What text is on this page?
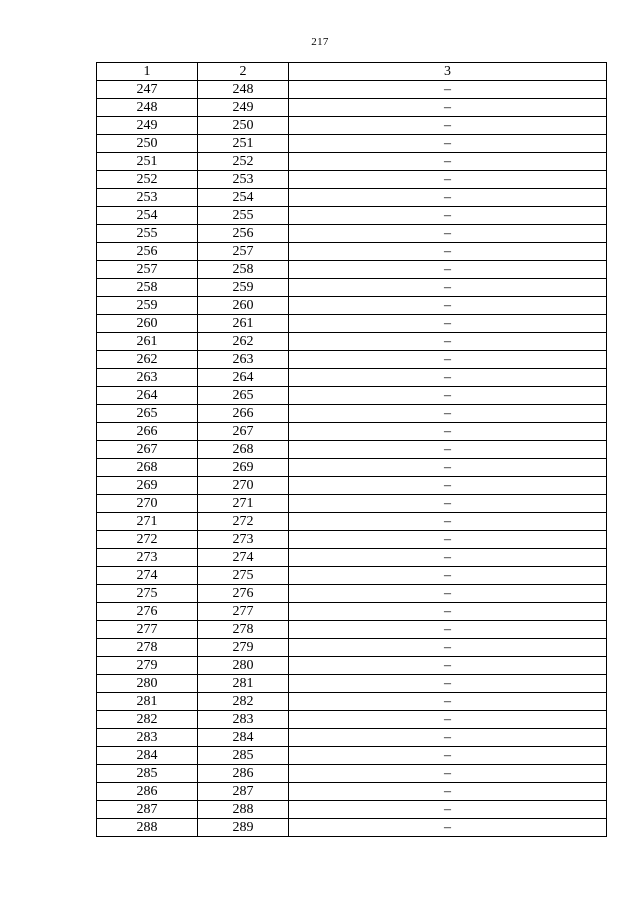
217
1	2	3
247	248	–
248	249	–
249	250	–
250	251	–
251	252	–
252	253	–
253	254	–
254	255	–
255	256	–
256	257	–
257	258	–
258	259	–
259	260	–
260	261	–
261	262	–
262	263	–
263	264	–
264	265	–
265	266	–
266	267	–
267	268	–
268	269	–
269	270	–
270	271	–
271	272	–
272	273	–
273	274	–
274	275	–
275	276	–
276	277	–
277	278	–
278	279	–
279	280	–
280	281	–
281	282	–
282	283	–
283	284	–
284	285	–
285	286	–
286	287	–
287	288	–
288	289	–
